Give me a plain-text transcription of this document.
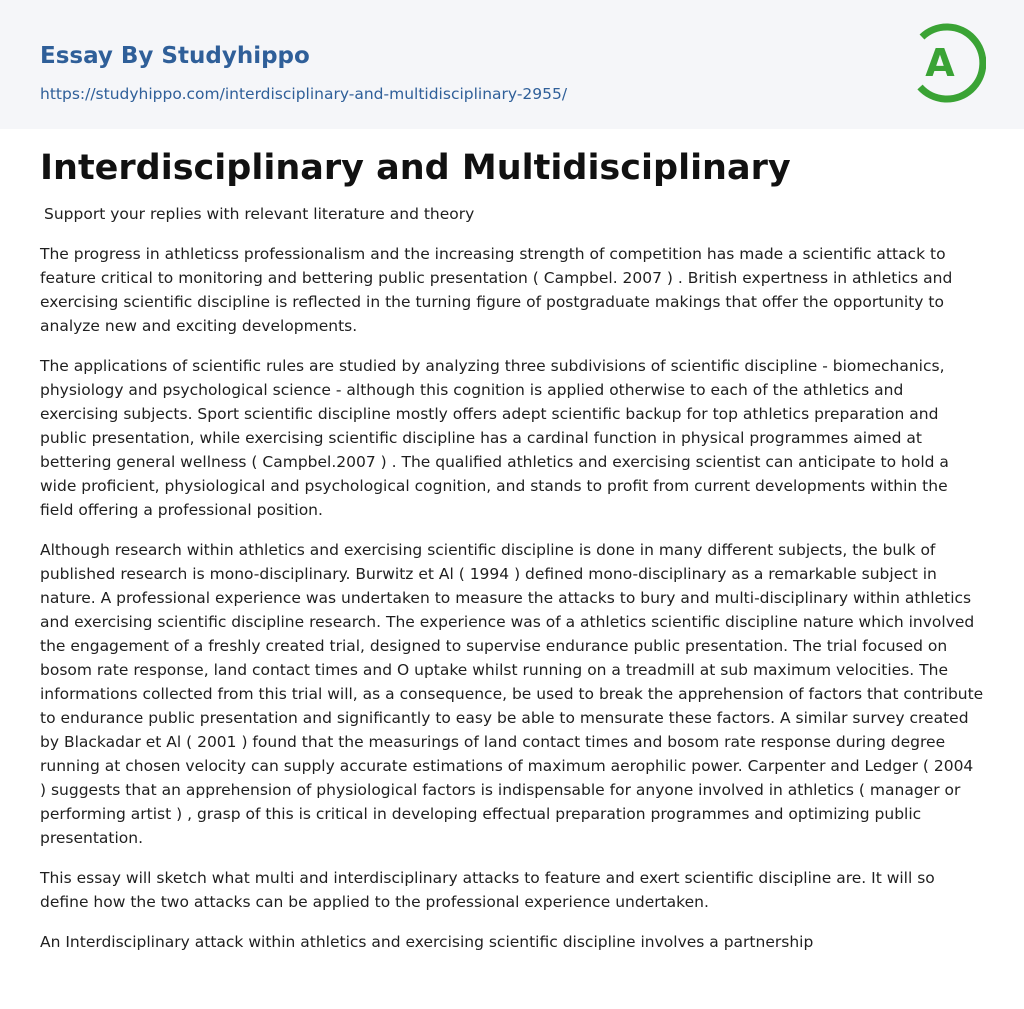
Essay By Studyhippo
https://studyhippo.com/interdisciplinary-and-multidisciplinary-2955/
A
Interdisciplinary and Multidisciplinary

Support your replies with relevant literature and theory

The progress in athleticss professionalism and the increasing strength of competition has made a scientific attack to feature critical to monitoring and bettering public presentation ( Campbel. 2007 ) . British expertness in athletics and exercising scientific discipline is reflected in the turning figure of postgraduate makings that offer the opportunity to analyze new and exciting developments.

The applications of scientific rules are studied by analyzing three subdivisions of scientific discipline - biomechanics, physiology and psychological science - although this cognition is applied otherwise to each of the athletics and exercising subjects. Sport scientific discipline mostly offers adept scientific backup for top athletics preparation and public presentation, while exercising scientific discipline has a cardinal function in physical programmes aimed at bettering general wellness ( Campbel.2007 ) . The qualified athletics and exercising scientist can anticipate to hold a wide proficient, physiological and psychological cognition, and stands to profit from current developments within the field offering a professional position.

Although research within athletics and exercising scientific discipline is done in many different subjects, the bulk of published research is mono-disciplinary. Burwitz et Al ( 1994 ) defined mono-disciplinary as a remarkable subject in nature. A professional experience was undertaken to measure the attacks to bury and multi-disciplinary within athletics and exercising scientific discipline research. The experience was of a athletics scientific discipline nature which involved the engagement of a freshly created trial, designed to supervise endurance public presentation. The trial focused on bosom rate response, land contact times and O uptake whilst running on a treadmill at sub maximum velocities. The informations collected from this trial will, as a consequence, be used to break the apprehension of factors that contribute to endurance public presentation and significantly to easy be able to mensurate these factors. A similar survey created by Blackadar et Al ( 2001 ) found that the measurings of land contact times and bosom rate response during degree running at chosen velocity can supply accurate estimations of maximum aerophilic power. Carpenter and Ledger ( 2004 ) suggests that an apprehension of physiological factors is indispensable for anyone involved in athletics ( manager or performing artist ) , grasp of this is critical in developing effectual preparation programmes and optimizing public presentation.

This essay will sketch what multi and interdisciplinary attacks to feature and exert scientific discipline are. It will so define how the two attacks can be applied to the professional experience undertaken.

An Interdisciplinary attack within athletics and exercising scientific discipline involves a partnership
